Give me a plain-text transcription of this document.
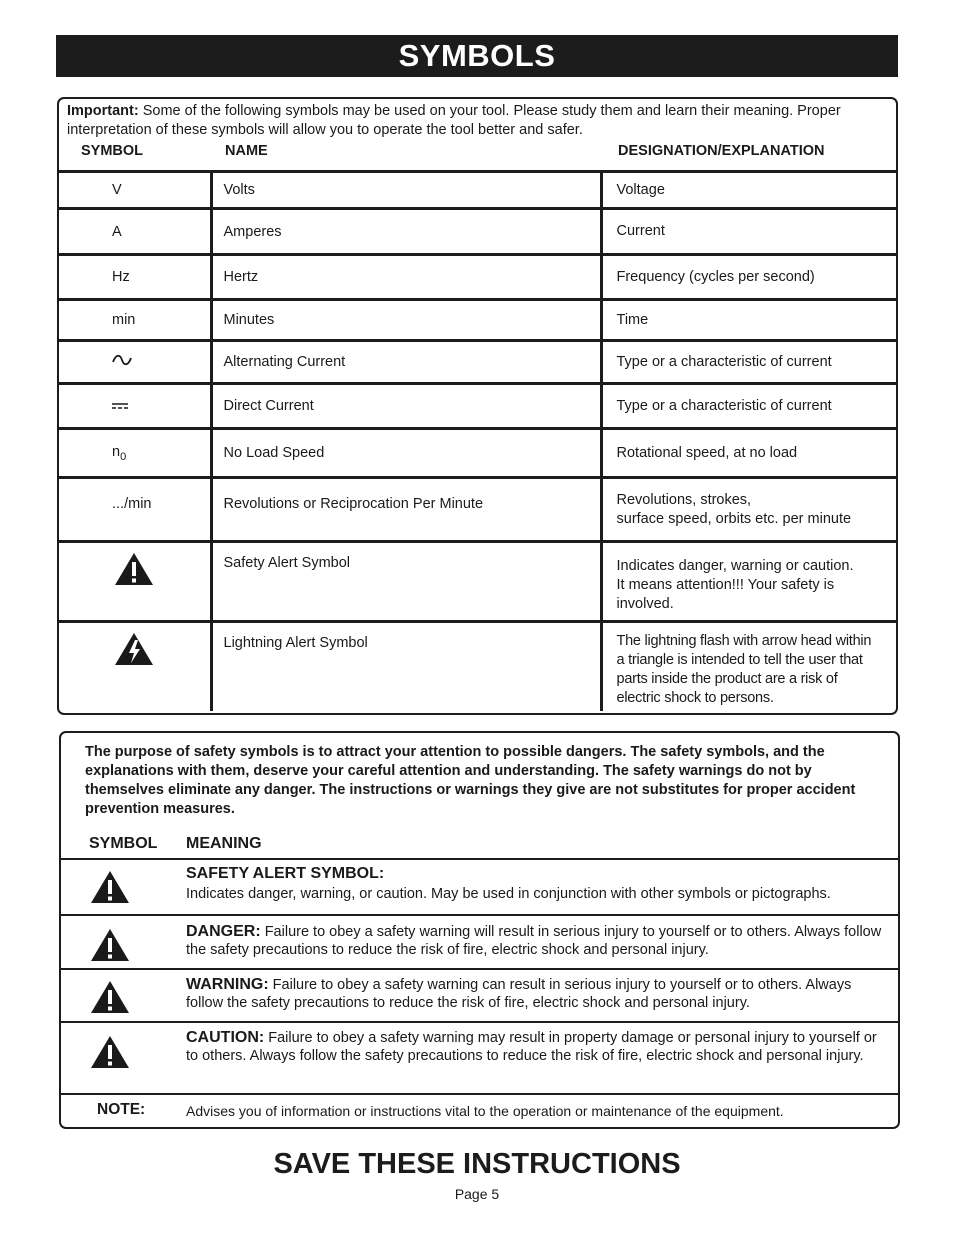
SYMBOLS
Important: Some of the following symbols may be used on your tool. Please study them and learn their meaning. Proper interpretation of these symbols will allow you to operate the tool better and safer.
SYMBOL	NAME	DESIGNATION/EXPLANATION
V	Volts	Voltage
A	Amperes	Current
Hz	Hertz	Frequency (cycles per second)
min	Minutes	Time
	Alternating Current	Type or a characteristic of current
	Direct Current	Type or a characteristic of current
$n_0$	No Load Speed	Rotational speed, at no load
.../min	Revolutions or Reciprocation Per Minute	Revolutions, strokes,
surface speed, orbits etc. per minute

	Safety Alert Symbol	Indicates danger, warning or caution.
It means attention!!! Your safety is
involved.

	Lightning Alert Symbol	The lightning flash with arrow head within
a triangle is intended to tell the user that
parts inside the product are a risk of
electric shock to persons.
The purpose of safety symbols is to attract your attention to possible dangers. The safety symbols, and the explanations with them, deserve your careful attention and understanding. The safety warnings do not by themselves eliminate any danger. The instructions or warnings they give are not substitutes for proper accident prevention measures.
SYMBOL MEANING
SAFETY ALERT SYMBOL:
Indicates danger, warning, or caution. May be used in conjunction with other symbols or pictographs.
DANGER: Failure to obey a safety warning will result in serious injury to yourself or to others. Always follow the safety precautions to reduce the risk of fire, electric shock and personal injury.
WARNING: Failure to obey a safety warning can result in serious injury to yourself or to others. Always follow the safety precautions to reduce the risk of fire, electric shock and personal injury.
CAUTION: Failure to obey a safety warning may result in property damage or personal injury to yourself or to others. Always follow the safety precautions to reduce the risk of fire, electric shock and personal injury.
NOTE:	Advises you of information or instructions vital to the operation or maintenance of the equipment.
SAVE THESE INSTRUCTIONS
Page 5
